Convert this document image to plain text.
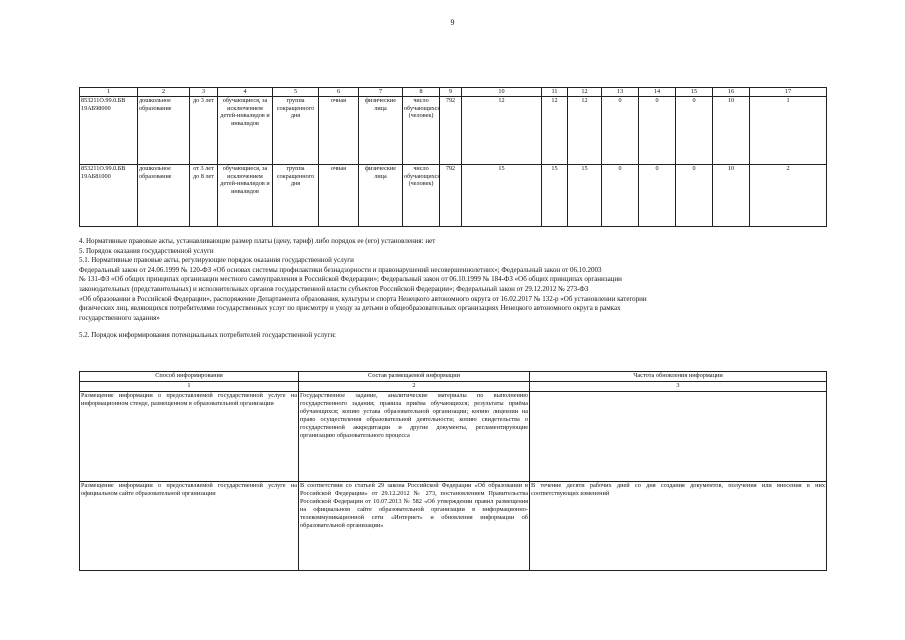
9
1	2	3	4	5	6	7	8	9	10	11	12	13	14	15	16	17
853211О.99.0.БВ 19АБ98000	дошкольное образование	до 3 лет	обучающиеся, за исключением детей-инвалидов и инвалидов	группа сокращенного дня	очная	физические лица	число обучающихся (человек)	792	12	12	12	0	0	0	10	1
853211О.99.0.БВ 19АБ81000	дошкольное образование	от 3 лет до 8 лет	обучающиеся, за исключением детей-инвалидов и инвалидов	группа сокращенного дня	очная	физические лица	число обучающихся (человек)	792	15	15	15	0	0	0	10	2

4. Нормативные правовые акты, устанавливающие размер платы (цену, тариф) либо порядок ее (его) установления: нет

5. Порядок оказания государственной услуги

5.1. Нормативные правовые акты, регулирующие порядок оказания государственной услуги

Федеральный закон от 24.06.1999 № 120-ФЗ «Об основах системы профилактики безнадзорности и правонарушений несовершеннолетних»; Федеральный закон от 06.10.2003

№ 131-ФЗ «Об общих принципах организации местного самоуправления в Российской Федерации»; Федеральный закон от 06.10.1999 № 184-ФЗ «Об общих принципах организации

законодательных (представительных) и исполнительных органов государственной власти субъектов Российской Федерации»; Федеральный закон от 29.12.2012 № 273-ФЗ

«Об образовании в Российской Федерации», распоряжение Департамента образования, культуры и спорта Ненецкого автономного округа от 16.02.2017 № 132-р «Об установлении категории

физических лиц, являющихся потребителями государственных услуг по присмотру и уходу за детьми в общеобразовательных организациях Ненецкого автономного округа в рамках

государственного задания»

5.2. Порядок информирования потенциальных потребителей государственной услуги:

Способ информирования	Состав размещаемой информации	Частота обновления информации
1	2	3
Размещение информации о предоставляемой государственной услуге на информационном стенде, размещенном в образовательной организации	Государственное задание, аналитические материалы по выполнению государственного задания; правила приёма обучающихся; результаты приёма обучающихся; копию устава образовательной организации; копию лицензии на право осуществления образовательной деятельности; копию свидетельства о государственной аккредитации и другие документы, регламентирующие организацию образовательного процесса	
Размещение информации о предоставляемой государственной услуге на официальном сайте образовательной организации	В соответствии со статьей 29 закона Российской Федерации «Об образовании в Российской Федерации» от 29.12.2012 № 273, постановлением Правительства Российской Федерации от 10.07.2013 № 582 «Об утверждении правил размещения на официальном сайте образовательной организации в информационно-телекоммуникационной сети «Интернет» и обновления информации об образовательной организации»	В течение десяти рабочих дней со дня создания документов, получения или внесения в них соответствующих изменений
